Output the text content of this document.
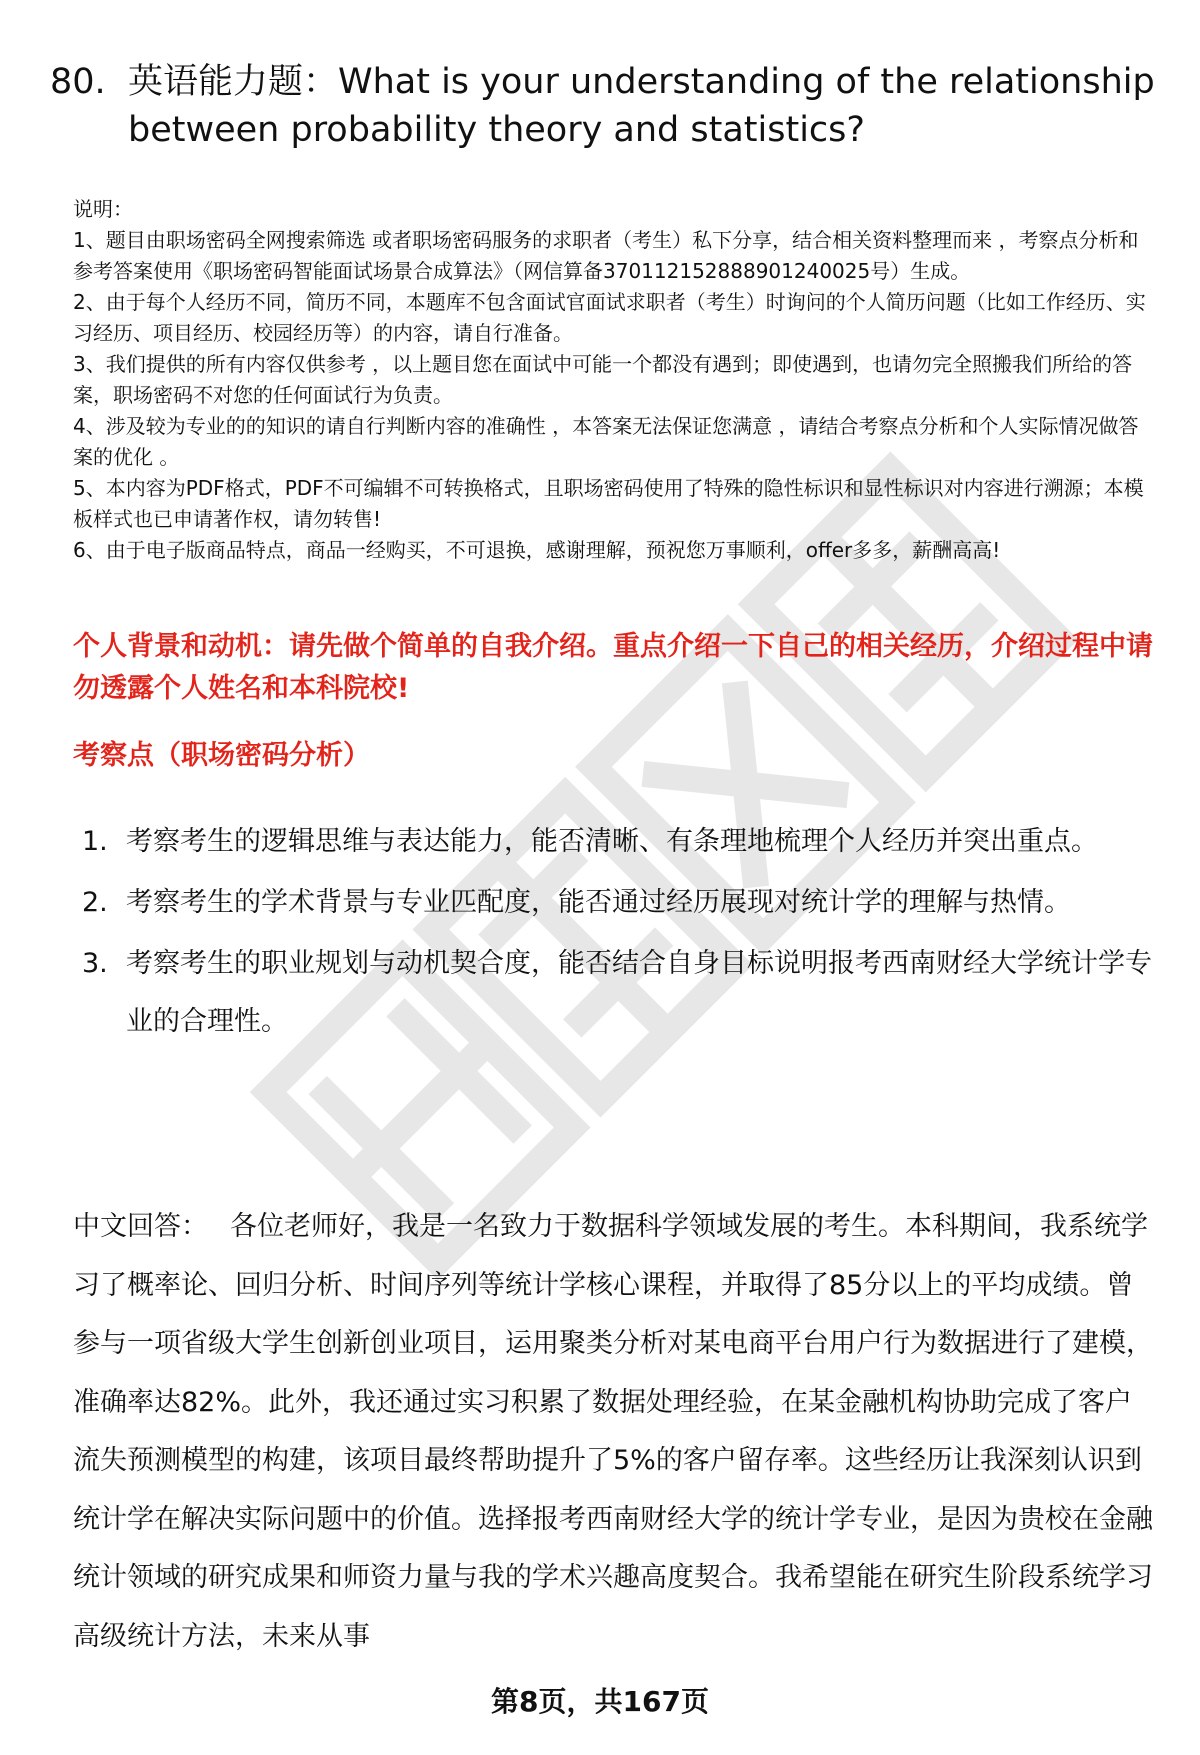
80. 英语能力题：What is your understanding of the relationship between probability theory and statistics?

说明：

1、题目由职场密码全网搜索筛选 或者职场密码服务的求职者（考生）私下分享，结合相关资料整理而来 ，考察点分析和参考答案使用《职场密码智能面试场景合成算法》（网信算备370112152888901240025号）生成。

2、由于每个人经历不同，简历不同，本题库不包含面试官面试求职者（考生）时询问的个人简历问题（比如工作经历、实习经历、项目经历、校园经历等）的内容，请自行准备。

3、我们提供的所有内容仅供参考 ，以上题目您在面试中可能一个都没有遇到；即使遇到，也请勿完全照搬我们所给的答案，职场密码不对您的任何面试行为负责。

4、涉及较为专业的的知识的请自行判断内容的准确性 ，本答案无法保证您满意 ，请结合考察点分析和个人实际情况做答案的优化 。

5、本内容为PDF格式，PDF不可编辑不可转换格式，且职场密码使用了特殊的隐性标识和显性标识对内容进行溯源；本模板样式也已申请著作权，请勿转售!

6、由于电子版商品特点，商品一经购买，不可退换，感谢理解，预祝您万事顺利，offer多多，薪酬高高!

个人背景和动机：请先做个简单的自我介绍。重点介绍一下自己的相关经历，介绍过程中请勿透露个人姓名和本科院校!
考察点（职场密码分析）
1. 考察考生的逻辑思维与表达能力，能否清晰、有条理地梳理个人经历并突出重点。
2. 考察考生的学术背景与专业匹配度，能否通过经历展现对统计学的理解与热情。
3. 考察考生的职业规划与动机契合度，能否结合自身目标说明报考西南财经大学统计学专业的合理性。
中文回答： 各位老师好，我是一名致力于数据科学领域发展的考生。本科期间，我系统学习了概率论、回归分析、时间序列等统计学核心课程，并取得了85分以上的平均成绩。曾参与一项省级大学生创新创业项目，运用聚类分析对某电商平台用户行为数据进行了建模，准确率达82%。此外，我还通过实习积累了数据处理经验，在某金融机构协助完成了客户流失预测模型的构建，该项目最终帮助提升了5%的客户留存率。这些经历让我深刻认识到统计学在解决实际问题中的价值。选择报考西南财经大学的统计学专业，是因为贵校在金融统计领域的研究成果和师资力量与我的学术兴趣高度契合。我希望能在研究生阶段系统学习高级统计方法，未来从事
第8页，共167页
